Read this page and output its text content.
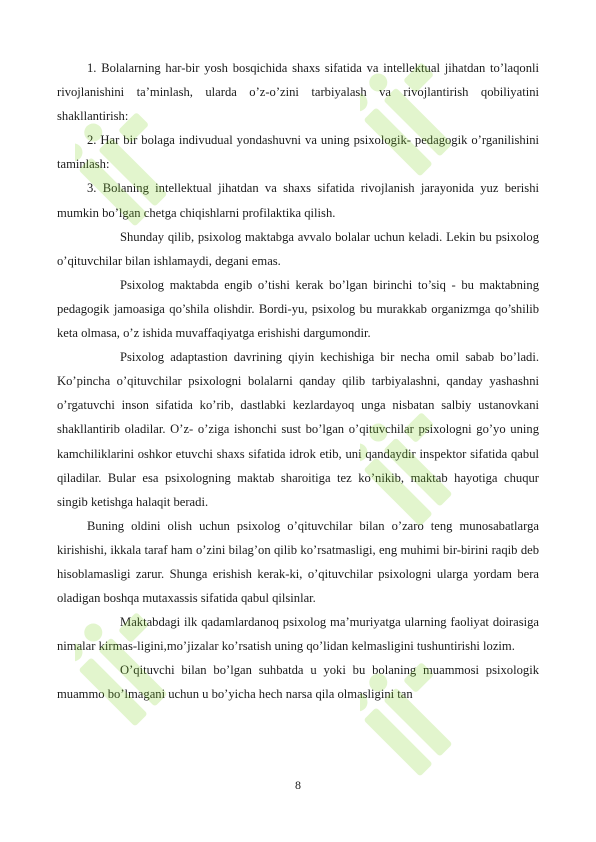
1. Bolalarning har-bir yosh bosqichida shaxs sifatida va intellektual jihatdan to’laqonli rivojlanishini ta’minlash, ularda o’z-o’zini tarbiyalash va rivojlantirish qobiliyatini shakllantirish:

2. Har bir bolaga indivudual yondashuvni va uning psixologik- pedagogik o’rganilishini taminlash:

3. Bolaning intellektual jihatdan va shaxs sifatida rivojlanish jarayonida yuz berishi mumkin bo’lgan chetga chiqishlarni profilaktika qilish.

Shunday qilib, psixolog maktabga avvalo bolalar uchun keladi. Lekin bu psixolog o’qituvchilar bilan ishlamaydi, degani emas.

Psixolog maktabda engib o’tishi kerak bo’lgan birinchi to’siq - bu maktabning pedagogik jamoasiga qo’shila olishdir. Bordi-yu, psixolog bu murakkab organizmga qo’shilib keta olmasa, o’z ishida muvaffaqiyatga erishishi dargumondir.

Psixolog adaptastion davrining qiyin kechishiga bir necha omil sabab bo’ladi. Ko’pincha o’qituvchilar psixologni bolalarni qanday qilib tarbiyalashni, qanday yashashni o’rgatuvchi inson sifatida ko’rib, dastlabki kezlardayoq unga nisbatan salbiy ustanovkani shakllantirib oladilar. O’z- o’ziga ishonchi sust bo’lgan o’qituvchilar psixologni go’yo uning kamchiliklarini oshkor etuvchi shaxs sifatida idrok etib, uni qandaydir inspektor sifatida qabul qiladilar. Bular esa psixologning maktab sharoitiga tez ko’nikib, maktab hayotiga chuqur singib ketishga halaqit beradi.

Buning oldini olish uchun psixolog o’qituvchilar bilan o’zaro teng munosabatlarga kirishishi, ikkala taraf ham o’zini bilag’on qilib ko’rsatmasligi, eng muhimi bir-birini raqib deb hisoblamasligi zarur. Shunga erishish kerak-ki, o’qituvchilar psixologni ularga yordam bera oladigan boshqa mutaxassis sifatida qabul qilsinlar.

Maktabdagi ilk qadamlardanoq psixolog ma’muriyatga ularning faoliyat doirasiga nimalar kirmas-ligini,mo’jizalar ko’rsatish uning qo’lidan kelmasligini tushuntirishi lozim.

O’qituvchi bilan bo’lgan suhbatda u yoki bu bolaning muammosi psixologik muammo bo’lmagani uchun u bo’yicha hech narsa qila olmasligini tan

8
